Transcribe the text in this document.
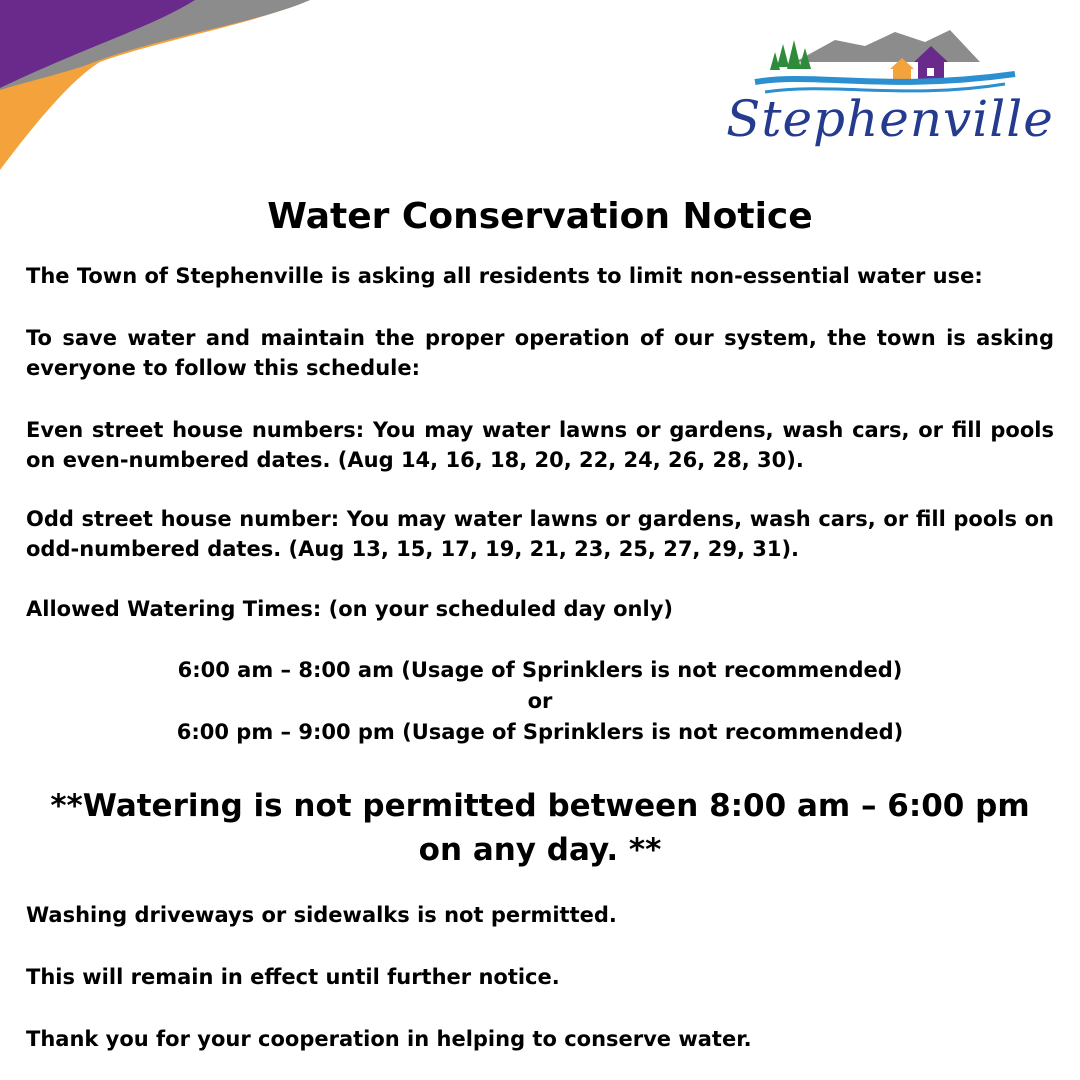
Stephenville
Water Conservation Notice

The Town of Stephenville is asking all residents to limit non-essential water use:

To save water and maintain the proper operation of our system, the town is asking everyone to follow this schedule:

Even street house numbers: You may water lawns or gardens, wash cars, or fill pools on even-numbered dates. (Aug 14, 16, 18, 20, 22, 24, 26, 28, 30).

Odd street house number: You may water lawns or gardens, wash cars, or fill pools on odd-numbered dates. (Aug 13, 15, 17, 19, 21, 23, 25, 27, 29, 31).

Allowed Watering Times: (on your scheduled day only)

6:00 am – 8:00 am (Usage of Sprinklers is not recommended)

or

6:00 pm – 9:00 pm (Usage of Sprinklers is not recommended)

**Watering is not permitted between 8:00 am – 6:00 pm
on any day. **

Washing driveways or sidewalks is not permitted.

This will remain in effect until further notice.

Thank you for your cooperation in helping to conserve water.
